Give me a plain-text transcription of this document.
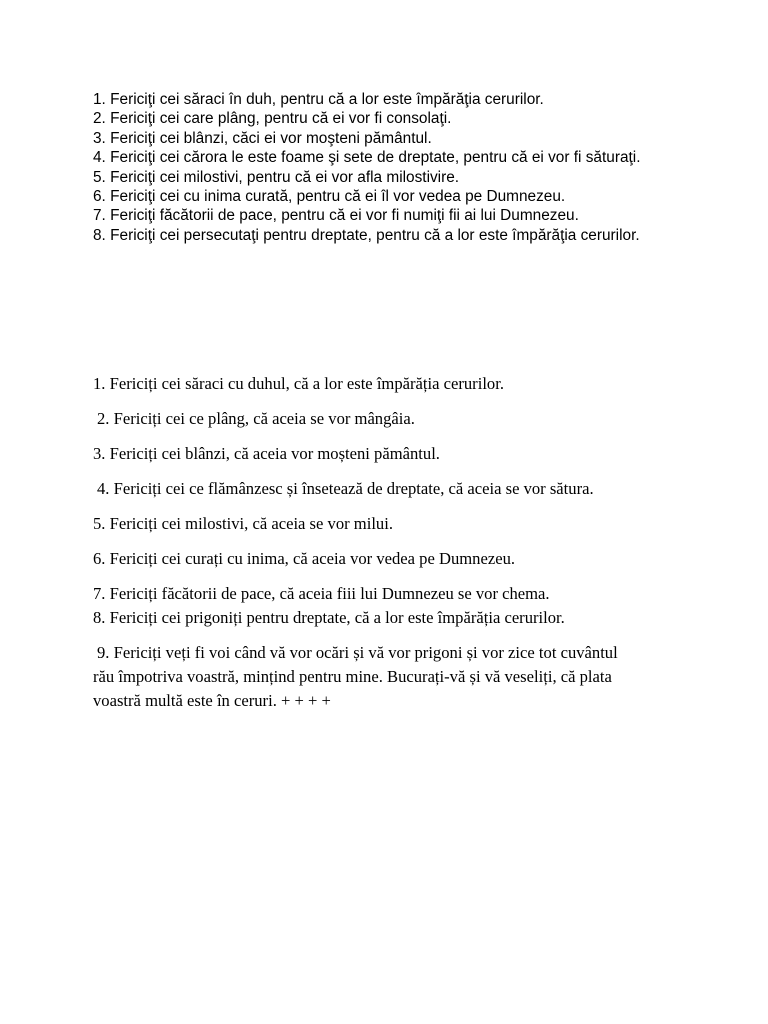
1. Fericiţi cei săraci în duh, pentru că a lor este împărăţia cerurilor.

2. Fericiţi cei care plâng, pentru că ei vor fi consolaţi.

3. Fericiţi cei blânzi, căci ei vor moşteni pământul.

4. Fericiţi cei cărora le este foame şi sete de dreptate, pentru că ei vor fi săturaţi.

5. Fericiţi cei milostivi, pentru că ei vor afla milostivire.

6. Fericiţi cei cu inima curată, pentru că ei îl vor vedea pe Dumnezeu.

7. Fericiţi făcătorii de pace, pentru că ei vor fi numiţi fii ai lui Dumnezeu.

8. Fericiţi cei persecutaţi pentru dreptate, pentru că a lor este împărăţia cerurilor.

1. Fericiți cei săraci cu duhul, că a lor este împărăția cerurilor.

2. Fericiți cei ce plâng, că aceia se vor mângâia.

3. Fericiți cei blânzi, că aceia vor moșteni pământul.

4. Fericiți cei ce flămânzesc și însetează de dreptate, că aceia se vor sătura.

5. Fericiți cei milostivi, că aceia se vor milui.

6. Fericiți cei curați cu inima, că aceia vor vedea pe Dumnezeu.

7. Fericiți făcătorii de pace, că aceia fiii lui Dumnezeu se vor chema.

8. Fericiți cei prigoniți pentru dreptate, că a lor este împărăția cerurilor.

9. Fericiți veți fi voi când vă vor ocări și vă vor prigoni și vor zice tot cuvântul rău împotriva voastră, mințind pentru mine. Bucurați-vă și vă veseliți, că plata voastră multă este în ceruri. + + + +
